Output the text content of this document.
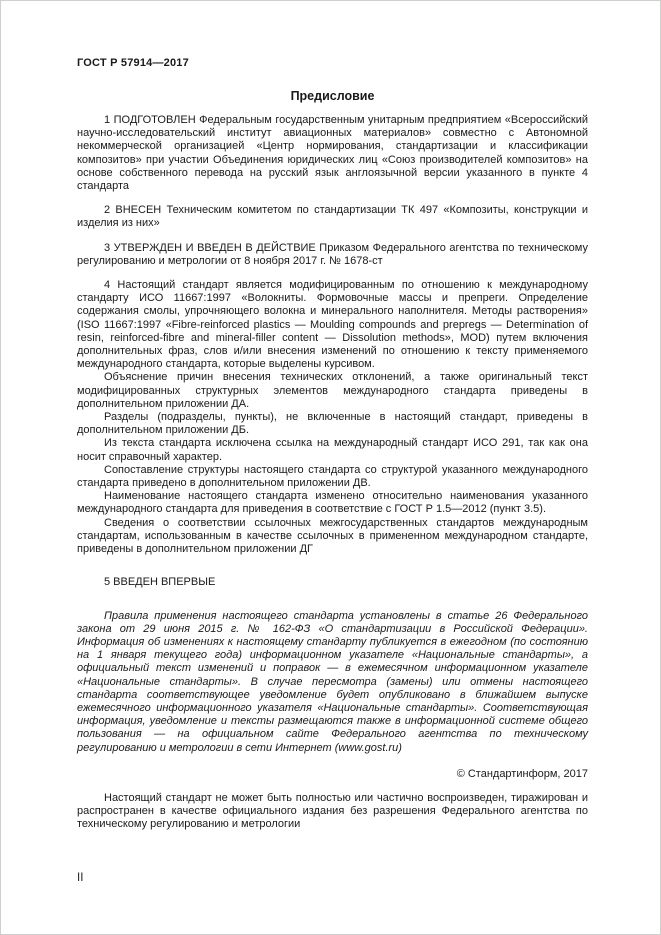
ГОСТ Р 57914—2017
Предисловие

1 ПОДГОТОВЛЕН Федеральным государственным унитарным предприятием «Всероссийский научно-исследовательский институт авиационных материалов» совместно с Автономной некоммерческой организацией «Центр нормирования, стандартизации и классификации композитов» при участии Объединения юридических лиц «Союз производителей композитов» на основе собственного перевода на русский язык англоязычной версии указанного в пункте 4 стандарта

2 ВНЕСЕН Техническим комитетом по стандартизации ТК 497 «Композиты, конструкции и изделия из них»

3 УТВЕРЖДЕН И ВВЕДЕН В ДЕЙСТВИЕ Приказом Федерального агентства по техническому регулированию и метрологии от 8 ноября 2017 г. № 1678-ст

4 Настоящий стандарт является модифицированным по отношению к международному стандарту ИСО 11667:1997 «Волокниты. Формовочные массы и препреги. Определение содержания смолы, упрочняющего волокна и минерального наполнителя. Методы растворения» (ISO 11667:1997 «Fibre-reinforced plastics — Moulding compounds and prepregs — Determination of resin, reinforced-fibre and mineral-filler content — Dissolution methods», MOD) путем включения дополнительных фраз, слов и/или внесения изменений по отношению к тексту применяемого международного стандарта, которые выделены курсивом.

Объяснение причин внесения технических отклонений, а также оригинальный текст модифицированных структурных элементов международного стандарта приведены в дополнительном приложении ДА.

Разделы (подразделы, пункты), не включенные в настоящий стандарт, приведены в дополнительном приложении ДБ.

Из текста стандарта исключена ссылка на международный стандарт ИСО 291, так как она носит справочный характер.

Сопоставление структуры настоящего стандарта со структурой указанного международного стандарта приведено в дополнительном приложении ДВ.

Наименование настоящего стандарта изменено относительно наименования указанного международного стандарта для приведения в соответствие с ГОСТ Р 1.5—2012 (пункт 3.5).

Сведения о соответствии ссылочных межгосударственных стандартов международным стандартам, использованным в качестве ссылочных в примененном международном стандарте, приведены в дополнительном приложении ДГ

5 ВВЕДЕН ВПЕРВЫЕ

Правила применения настоящего стандарта установлены в статье 26 Федерального закона от 29 июня 2015 г. № 162-ФЗ «О стандартизации в Российской Федерации». Информация об изменениях к настоящему стандарту публикуется в ежегодном (по состоянию на 1 января текущего года) информационном указателе «Национальные стандарты», а официальный текст изменений и поправок — в ежемесячном информационном указателе «Национальные стандарты». В случае пересмотра (замены) или отмены настоящего стандарта соответствующее уведомление будет опубликовано в ближайшем выпуске ежемесячного информационного указателя «Национальные стандарты». Соответствующая информация, уведомление и тексты размещаются также в информационной системе общего пользования — на официальном сайте Федерального агентства по техническому регулированию и метрологии в сети Интернет (www.gost.ru)

© Стандартинформ, 2017

Настоящий стандарт не может быть полностью или частично воспроизведен, тиражирован и распространен в качестве официального издания без разрешения Федерального агентства по техническому регулированию и метрологии

II
